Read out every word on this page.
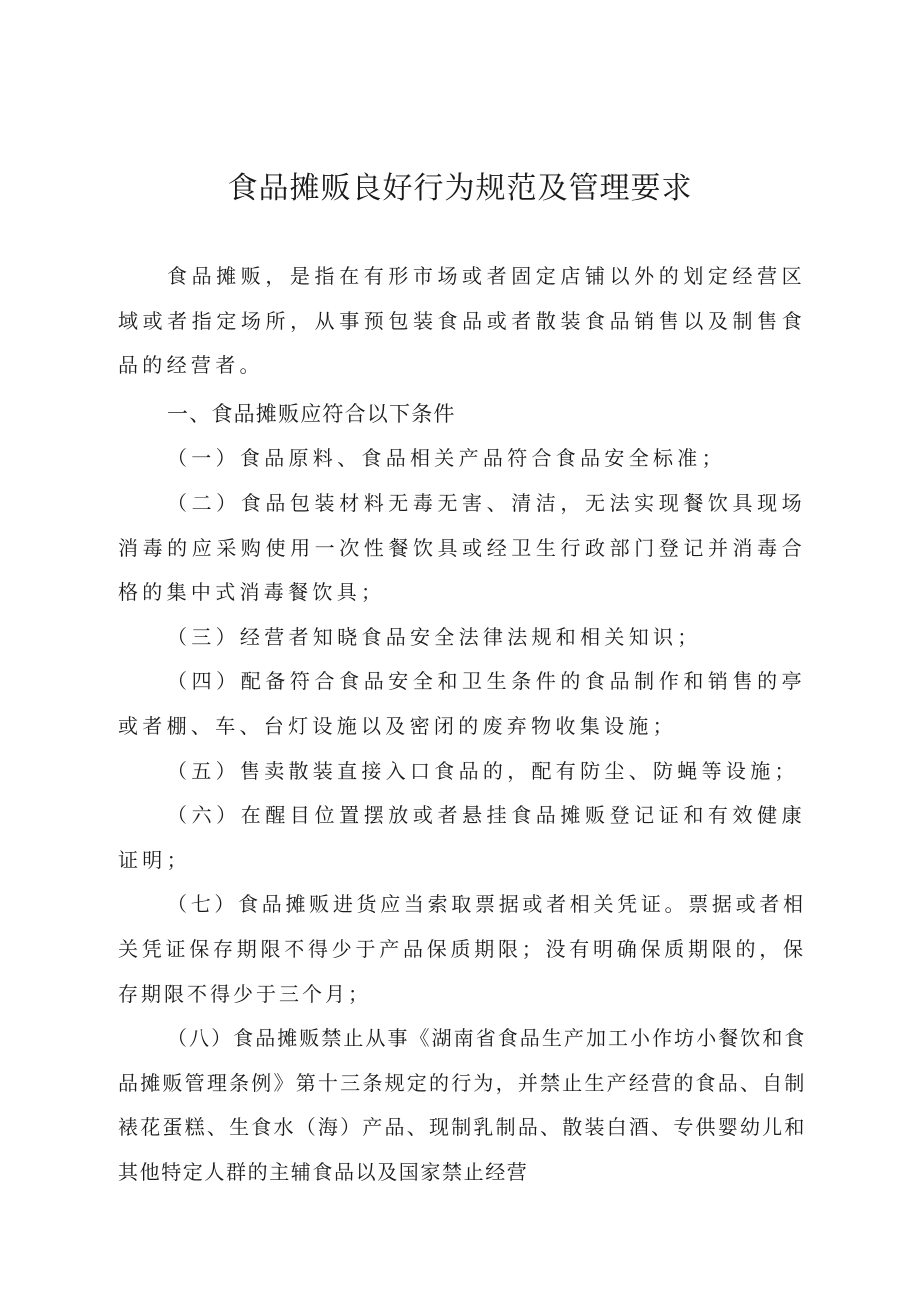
食品摊贩良好行为规范及管理要求

食品摊贩，是指在有形市场或者固定店铺以外的划定经营区域或者指定场所，从事预包装食品或者散装食品销售以及制售食品的经营者。

一、食品摊贩应符合以下条件

（一）食品原料、食品相关产品符合食品安全标准；

（二）食品包装材料无毒无害、清洁，无法实现餐饮具现场消毒的应采购使用一次性餐饮具或经卫生行政部门登记并消毒合格的集中式消毒餐饮具；

（三）经营者知晓食品安全法律法规和相关知识；

（四）配备符合食品安全和卫生条件的食品制作和销售的亭或者棚、车、台灯设施以及密闭的废弃物收集设施；

（五）售卖散装直接入口食品的，配有防尘、防蝇等设施；

（六）在醒目位置摆放或者悬挂食品摊贩登记证和有效健康证明；

（七）食品摊贩进货应当索取票据或者相关凭证。票据或者相关凭证保存期限不得少于产品保质期限；没有明确保质期限的，保存期限不得少于三个月；

（八）食品摊贩禁止从事《湖南省食品生产加工小作坊小餐饮和食品摊贩管理条例》第十三条规定的行为，并禁止生产经营的食品、自制裱花蛋糕、生食水（海）产品、现制乳制品、散装白酒、专供婴幼儿和其他特定人群的主辅食品以及国家禁止经营
